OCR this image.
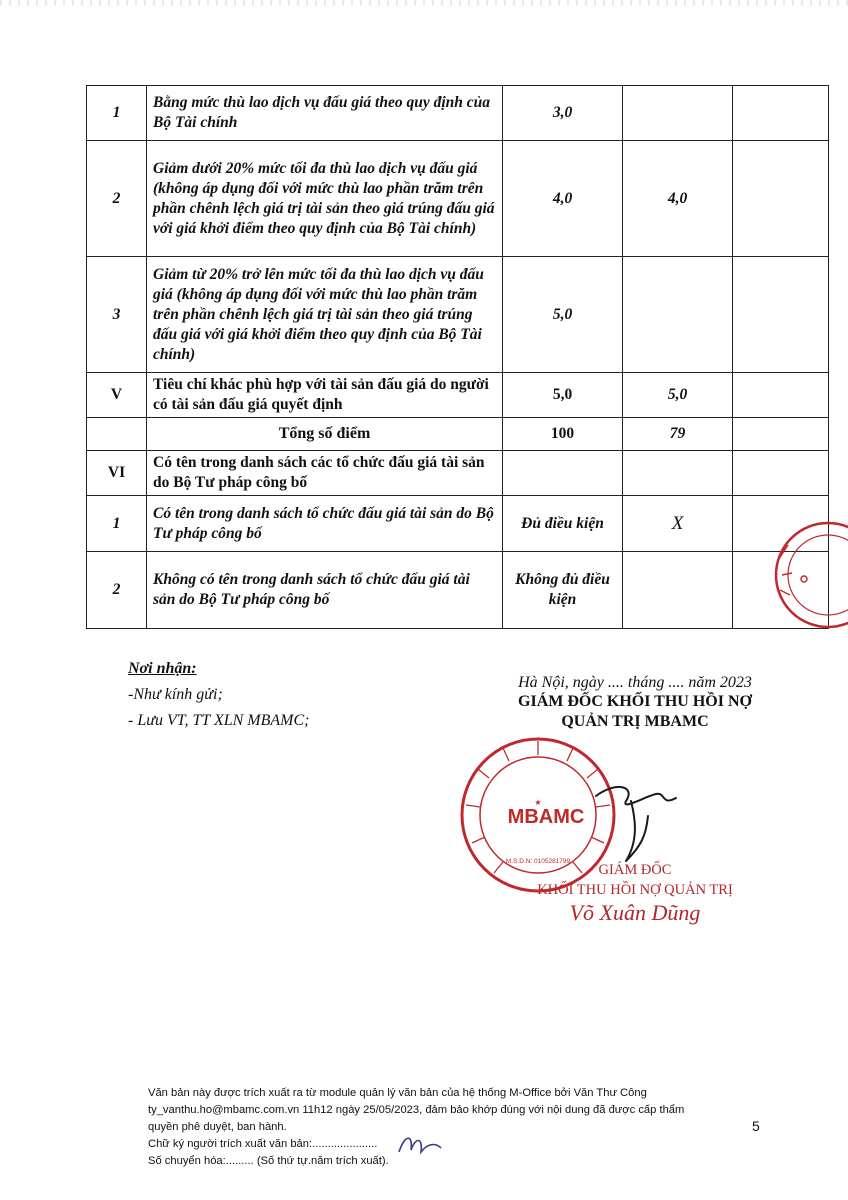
1	Bằng mức thù lao dịch vụ đấu giá theo quy định của Bộ Tài chính	3,0		
2	Giảm dưới 20% mức tối đa thù lao dịch vụ đấu giá (không áp dụng đối với mức thù lao phần trăm trên phần chênh lệch giá trị tài sản theo giá trúng đấu giá với giá khởi điểm theo quy định của Bộ Tài chính)	4,0	4,0	
3	Giảm từ 20% trở lên mức tối đa thù lao dịch vụ đấu giá (không áp dụng đối với mức thù lao phần trăm trên phần chênh lệch giá trị tài sản theo giá trúng đấu giá với giá khởi điểm theo quy định của Bộ Tài chính)	5,0		
V	Tiêu chí khác phù hợp với tài sản đấu giá do người có tài sản đấu giá quyết định	5,0	5,0	
	Tổng số điểm	100	79	
VI	Có tên trong danh sách các tổ chức đấu giá tài sản do Bộ Tư pháp công bố			
1	Có tên trong danh sách tổ chức đấu giá tài sản do Bộ Tư pháp công bố	Đủ điều kiện	X	
2	Không có tên trong danh sách tổ chức đấu giá tài sản do Bộ Tư pháp công bố	Không đủ điều kiện		
Nơi nhận:
-Như kính gửi;
- Lưu VT, TT XLN MBAMC;
Hà Nội, ngày .... tháng .... năm 2023
GIÁM ĐỐC KHỐI THU HỒI NỢ
QUẢN TRỊ MBAMC
GIÁM ĐỐC
KHỐI THU HỒI NỢ QUẢN TRỊ
Võ Xuân Dũng
★
MBAMC
M.S.D.N: 0105281799
Văn bản này được trích xuất ra từ module quản lý văn bản của hệ thống M-Office bởi Văn Thư Công
ty_vanthu.ho@mbamc.com.vn 11h12 ngày 25/05/2023, đảm bảo khớp đúng với nội dung đã được cấp thẩm
quyền phê duyệt, ban hành.
Chữ ký người trích xuất văn bản:.....................
Số chuyển hóa:......... (Số thứ tự.năm trích xuất).
5
